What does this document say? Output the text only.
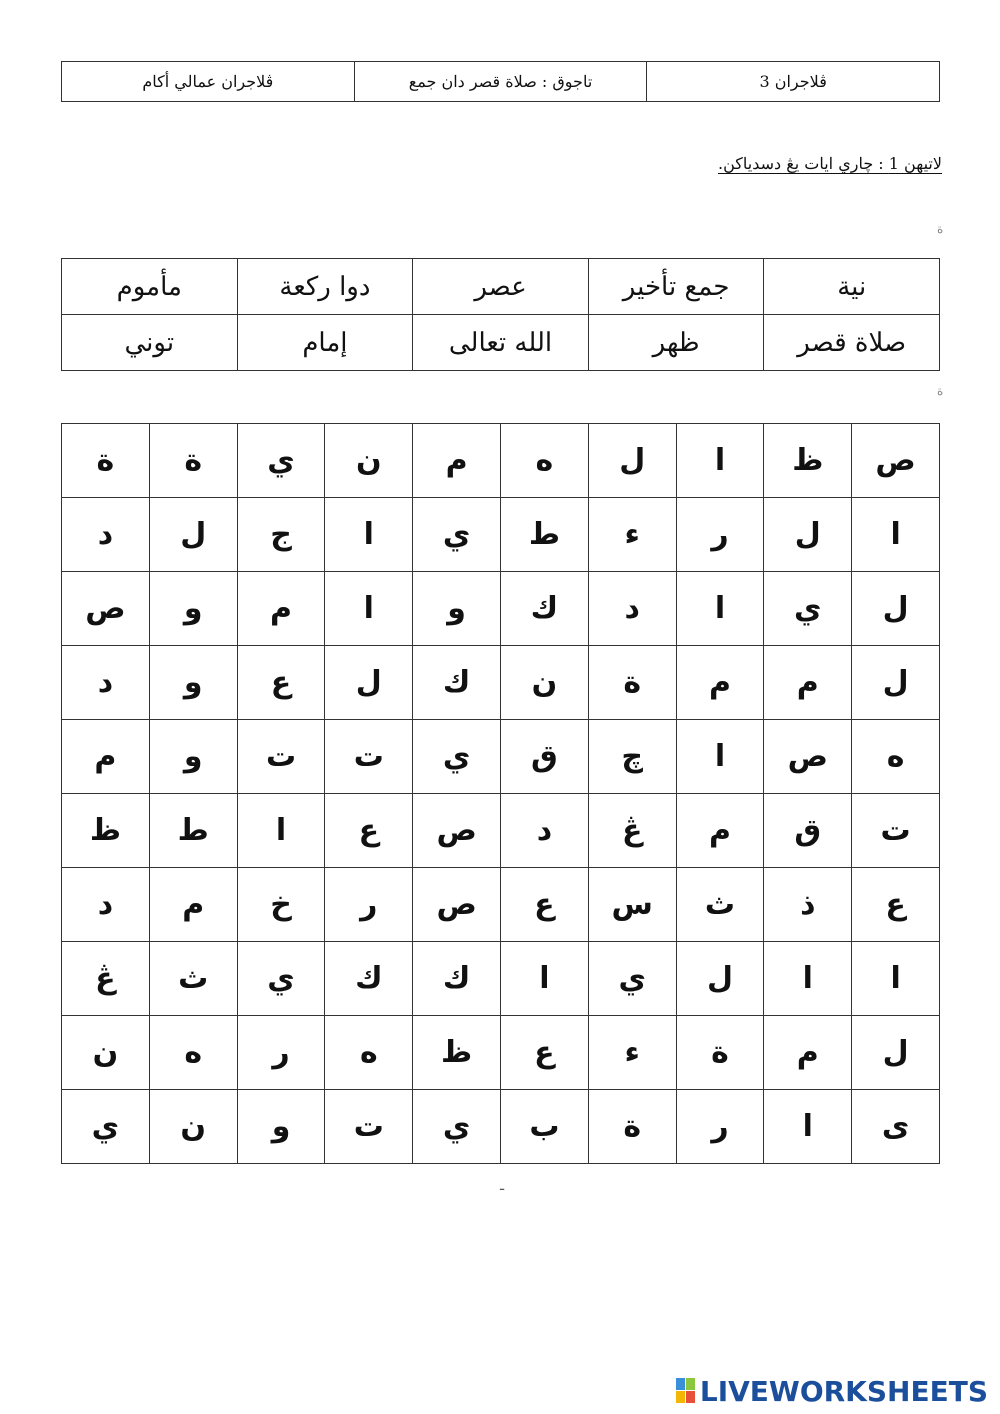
ڤلاجران عمالي أكام	تاجوق : صلاة قصر دان جمع	ڤلاجران 3
لاتيهن 1 : چاري ايات يڠ دسدياكن.
ة
نية	جمع تأخير	عصر	دوا ركعة	مأموم
صلاة قصر	ظهر	الله تعالى	إمام	توني
ة
ص	ظ	ا	ل	ه	م	ن	ي	ة	ة
ا	ل	ر	ء	ط	ي	ا	ج	ل	د
ل	ي	ا	د	ك	و	ا	م	و	ص
ل	م	م	ة	ن	ك	ل	ع	و	د
ه	ص	ا	چ	ق	ي	ت	ت	و	م
ت	ق	م	ڠ	د	ص	ع	ا	ط	ظ
ع	ذ	ث	س	ع	ص	ر	خ	م	د
ا	ا	ل	ي	ا	ك	ك	ي	ث	ڠ
ل	م	ة	ء	ع	ظ	ه	ر	ه	ن
ى	ا	ر	ة	ب	ي	ت	و	ن	ي
ـ
LIVEWORKSHEETS
